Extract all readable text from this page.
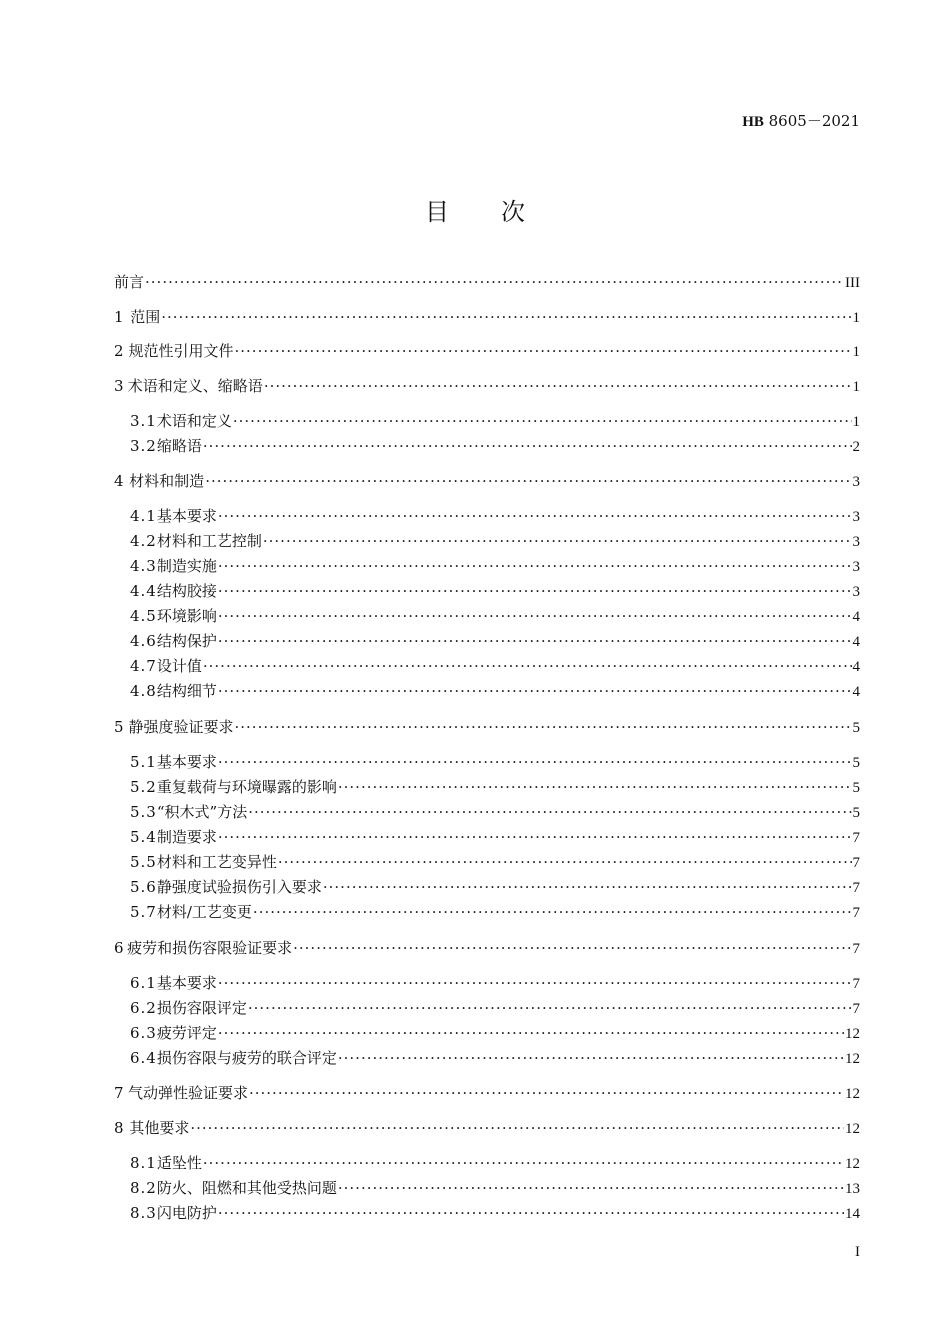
HB 8605－2021
目次
前言 ·····	III
1 范围 ·····	1
2 规范性引用文件 ·····	1
3 术语和定义、缩略语 ·····	1
3.1 术语和定义 ·····	1
3.2 缩略语 ·····	2
4 材料和制造 ·····	3
4.1 基本要求 ·····	3
4.2 材料和工艺控制 ·····	3
4.3 制造实施 ·····	3
4.4 结构胶接 ·····	3
4.5 环境影响 ·····	4
4.6 结构保护 ·····	4
4.7 设计值 ·····	4
4.8 结构细节 ·····	4
5 静强度验证要求 ·····	5
5.1 基本要求 ·····	5
5.2 重复载荷与环境曝露的影响 ·····	5
5.3 “积木式”方法 ·····	5
5.4 制造要求 ·····	7
5.5 材料和工艺变异性 ·····	7
5.6 静强度试验损伤引入要求 ·····	7
5.7 材料/工艺变更 ·····	7
6 疲劳和损伤容限验证要求 ·····	7
6.1 基本要求 ·····	7
6.2 损伤容限评定 ·····	7
6.3 疲劳评定 ·····	12
6.4 损伤容限与疲劳的联合评定 ·····	12
7 气动弹性验证要求 ·····	12
8 其他要求 ·····	12
8.1 适坠性 ·····	12
8.2 防火、阻燃和其他受热问题 ·····	13
8.3 闪电防护 ·····	14
I
